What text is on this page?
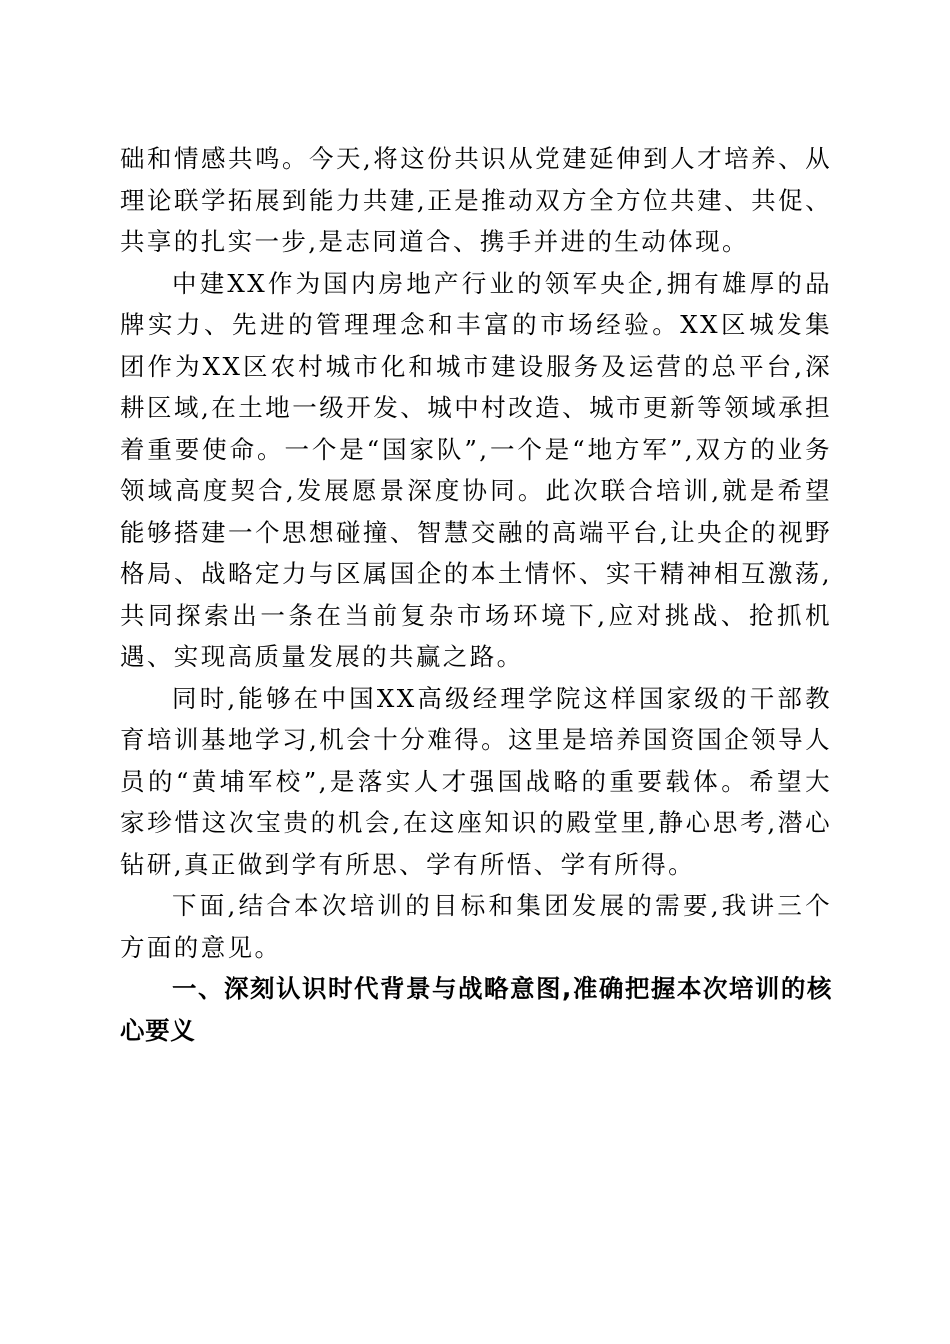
础和情感共鸣。今天,将这份共识从党建延伸到人才培养、从理论联学拓展到能力共建,正是推动双方全方位共建、共促、共享的扎实一步,是志同道合、携手并进的生动体现。

中建XX作为国内房地产行业的领军央企,拥有雄厚的品牌实力、先进的管理理念和丰富的市场经验。XX区城发集团作为XX区农村城市化和城市建设服务及运营的总平台,深耕区域,在土地一级开发、城中村改造、城市更新等领域承担着重要使命。一个是“国家队”,一个是“地方军”,双方的业务领域高度契合,发展愿景深度协同。此次联合培训,就是希望能够搭建一个思想碰撞、智慧交融的高端平台,让央企的视野格局、战略定力与区属国企的本土情怀、实干精神相互激荡,共同探索出一条在当前复杂市场环境下,应对挑战、抢抓机遇、实现高质量发展的共赢之路。

同时,能够在中国XX高级经理学院这样国家级的干部教育培训基地学习,机会十分难得。这里是培养国资国企领导人员的“黄埔军校”,是落实人才强国战略的重要载体。希望大家珍惜这次宝贵的机会,在这座知识的殿堂里,静心思考,潜心钻研,真正做到学有所思、学有所悟、学有所得。

下面,结合本次培训的目标和集团发展的需要,我讲三个方面的意见。

一、深刻认识时代背景与战略意图,准确把握本次培训的核心要义
